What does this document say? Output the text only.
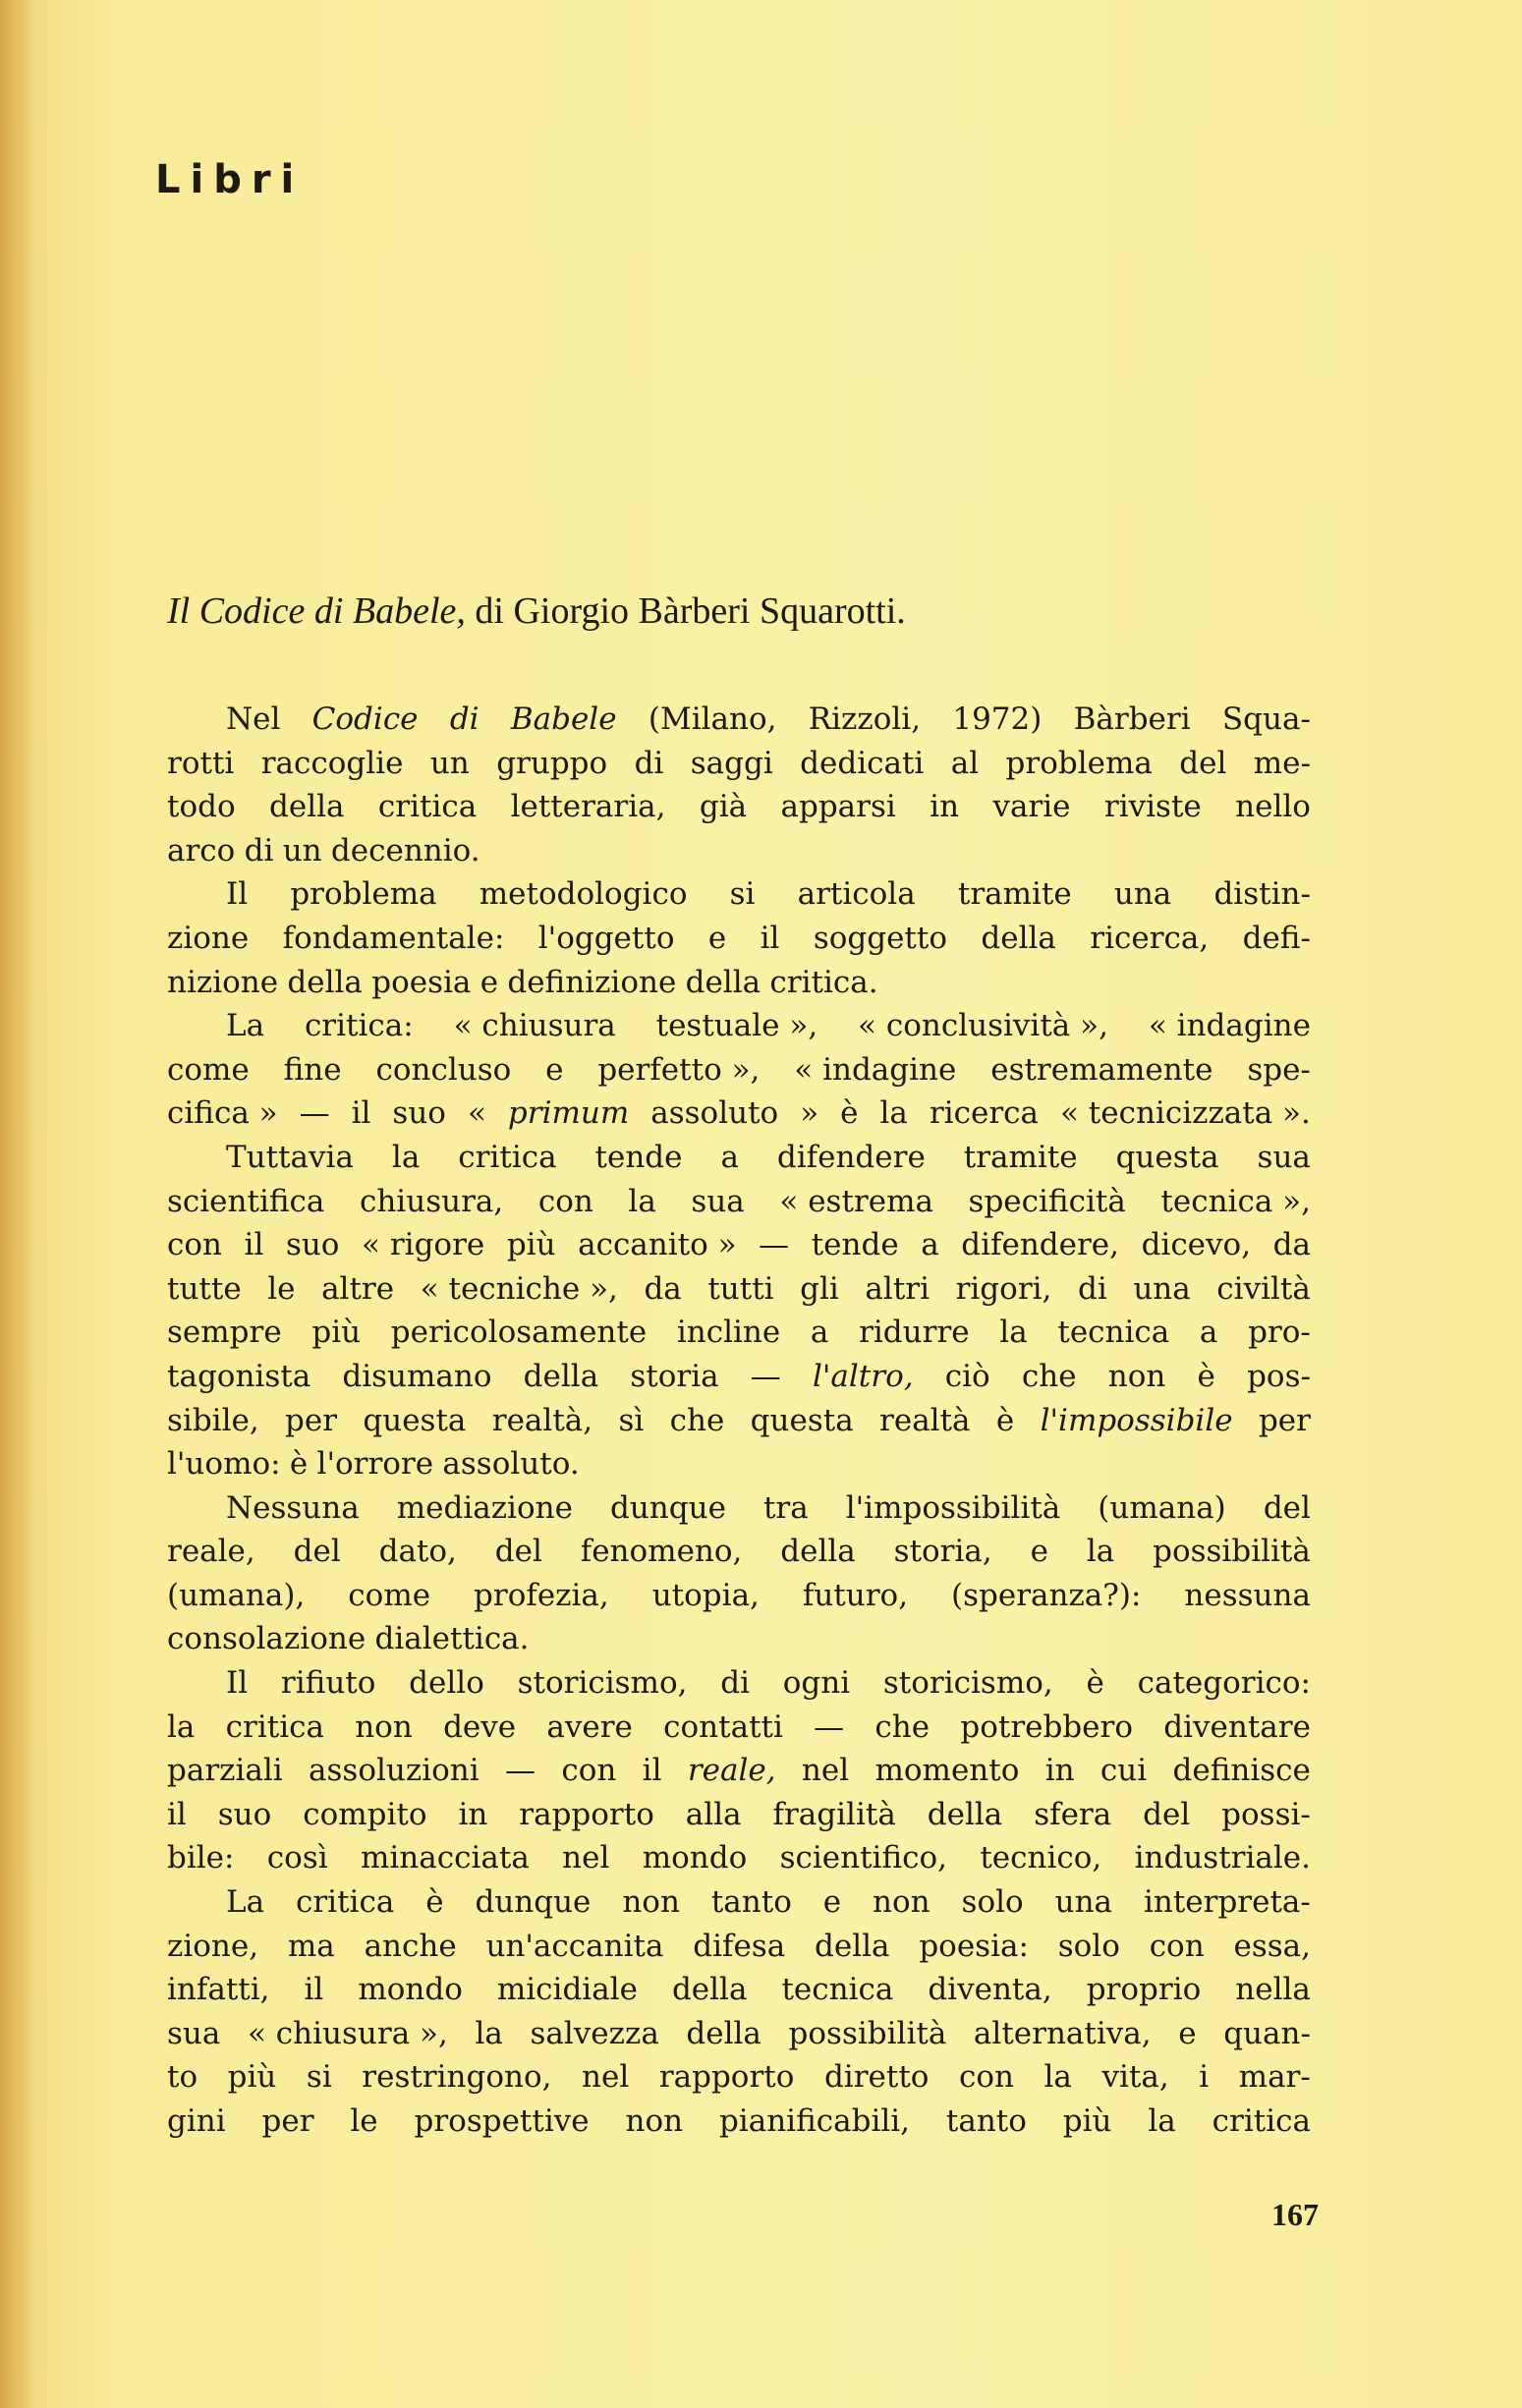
Libri

Il Codice di Babele, di Giorgio Bàrberi Squarotti.

Nel Codice di Babele (Milano, Rizzoli, 1972) Bàrberi Squa-
rotti raccoglie un gruppo di saggi dedicati al problema del me-
todo della critica letteraria, già apparsi in varie riviste nello
arco di un decennio.
Il problema metodologico si articola tramite una distin-
zione fondamentale: l'oggetto e il soggetto della ricerca, defi-
nizione della poesia e definizione della critica.
La critica: « chiusura testuale », « conclusività », « indagine
come fine concluso e perfetto », « indagine estremamente spe-
cifica » — il suo « primum assoluto » è la ricerca « tecnicizzata ».
Tuttavia la critica tende a difendere tramite questa sua
scientifica chiusura, con la sua « estrema specificità tecnica »,
con il suo « rigore più accanito » — tende a difendere, dicevo, da
tutte le altre « tecniche », da tutti gli altri rigori, di una civiltà
sempre più pericolosamente incline a ridurre la tecnica a pro-
tagonista disumano della storia — l'altro, ciò che non è pos-
sibile, per questa realtà, sì che questa realtà è l'impossibile per
l'uomo: è l'orrore assoluto.
Nessuna mediazione dunque tra l'impossibilità (umana) del
reale, del dato, del fenomeno, della storia, e la possibilità
(umana), come profezia, utopia, futuro, (speranza?): nessuna
consolazione dialettica.
Il rifiuto dello storicismo, di ogni storicismo, è categorico:
la critica non deve avere contatti — che potrebbero diventare
parziali assoluzioni — con il reale, nel momento in cui definisce
il suo compito in rapporto alla fragilità della sfera del possi-
bile: così minacciata nel mondo scientifico, tecnico, industriale.
La critica è dunque non tanto e non solo una interpreta-
zione, ma anche un'accanita difesa della poesia: solo con essa,
infatti, il mondo micidiale della tecnica diventa, proprio nella
sua « chiusura », la salvezza della possibilità alternativa, e quan-
to più si restringono, nel rapporto diretto con la vita, i mar-
gini per le prospettive non pianificabili, tanto più la critica
167
